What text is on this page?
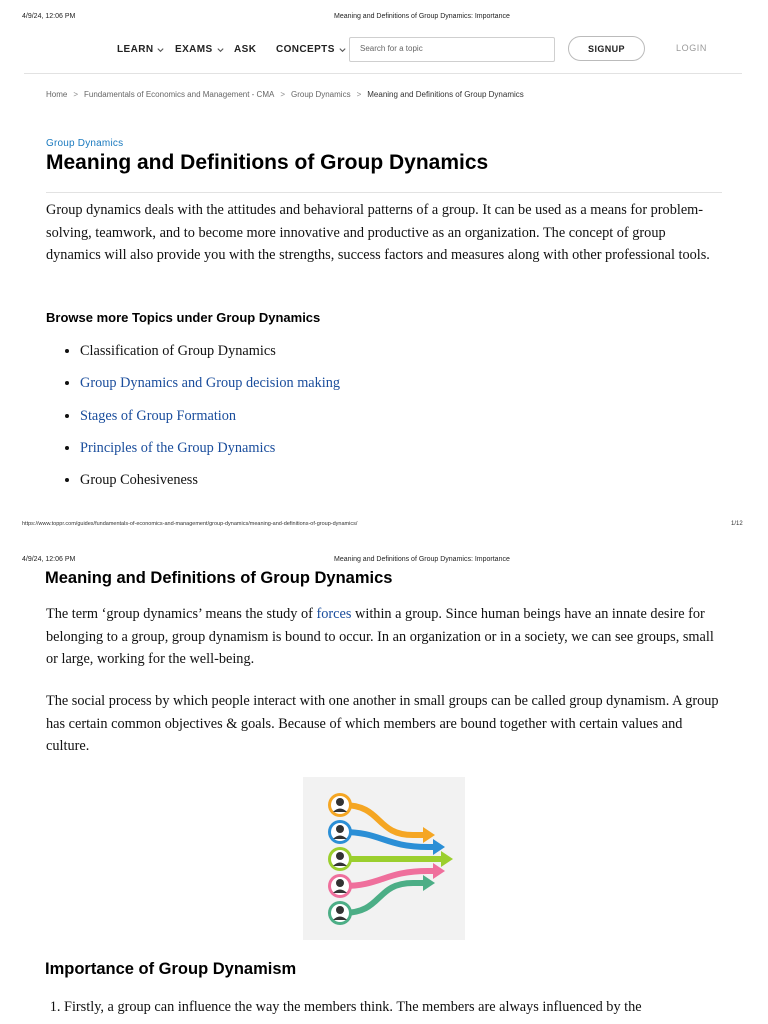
4/9/24, 12:06 PM	Meaning and Definitions of Group Dynamics: Importance
LEARN EXAMS ASK CONCEPTS
Search for a topic	SIGNUP	LOGIN
Home > Fundamentals of Economics and Management - CMA > Group Dynamics > Meaning and Definitions of Group Dynamics
Group Dynamics
Meaning and Definitions of Group Dynamics
Group dynamics deals with the attitudes and behavioral patterns of a group. It can be used as a means for problem-solving, teamwork, and to become more innovative and productive as an organization. The concept of group dynamics will also provide you with the strengths, success factors and measures along with other professional tools.
Browse more Topics under Group Dynamics
• Classification of Group Dynamics
• Group Dynamics and Group decision making
• Stages of Group Formation
• Principles of the Group Dynamics
• Group Cohesiveness
https://www.toppr.com/guides/fundamentals-of-economics-and-management/group-dynamics/meaning-and-definitions-of-group-dynamics/	1/12
4/9/24, 12:06 PM	Meaning and Definitions of Group Dynamics: Importance
Meaning and Definitions of Group Dynamics
The term ‘group dynamics’ means the study of forces within a group. Since human beings have an innate desire for belonging to a group, group dynamism is bound to occur. In an organization or in a society, we can see groups, small or large, working for the well-being.
The social process by which people interact with one another in small groups can be called group dynamism. A group has certain common objectives & goals. Because of which members are bound together with certain values and culture.
Importance of Group Dynamism
1. Firstly, a group can influence the way the members think. The members are always influenced by the
